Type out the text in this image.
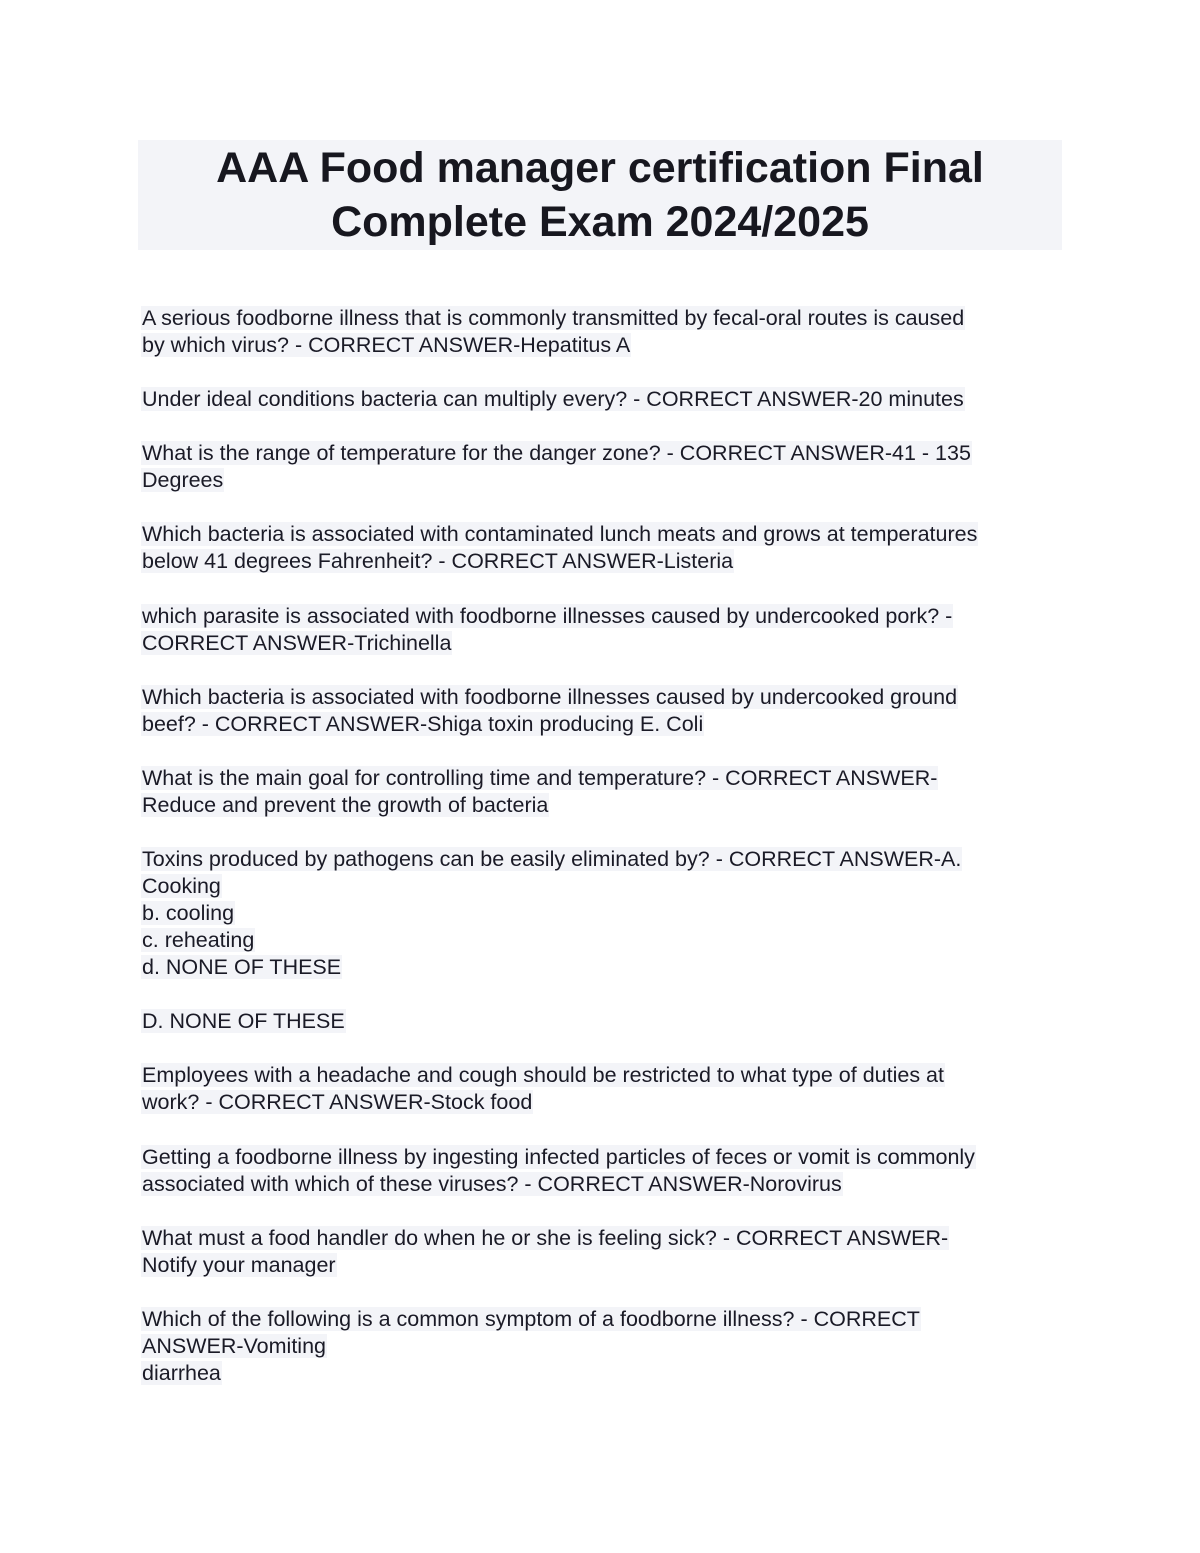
AAA Food manager certification Final
Complete Exam 2024/2025
A serious foodborne illness that is commonly transmitted by fecal-oral routes is caused
by which virus? - CORRECT ANSWER-Hepatitus A
Under ideal conditions bacteria can multiply every? - CORRECT ANSWER-20 minutes
What is the range of temperature for the danger zone? - CORRECT ANSWER-41 - 135
Degrees
Which bacteria is associated with contaminated lunch meats and grows at temperatures
below 41 degrees Fahrenheit? - CORRECT ANSWER-Listeria
which parasite is associated with foodborne illnesses caused by undercooked pork? -
CORRECT ANSWER-Trichinella
Which bacteria is associated with foodborne illnesses caused by undercooked ground
beef? - CORRECT ANSWER-Shiga toxin producing E. Coli
What is the main goal for controlling time and temperature? - CORRECT ANSWER-
Reduce and prevent the growth of bacteria
Toxins produced by pathogens can be easily eliminated by? - CORRECT ANSWER-A.
Cooking
b. cooling
c. reheating
d. NONE OF THESE
D. NONE OF THESE
Employees with a headache and cough should be restricted to what type of duties at
work? - CORRECT ANSWER-Stock food
Getting a foodborne illness by ingesting infected particles of feces or vomit is commonly
associated with which of these viruses? - CORRECT ANSWER-Norovirus
What must a food handler do when he or she is feeling sick? - CORRECT ANSWER-
Notify your manager
Which of the following is a common symptom of a foodborne illness? - CORRECT
ANSWER-Vomiting
diarrhea
